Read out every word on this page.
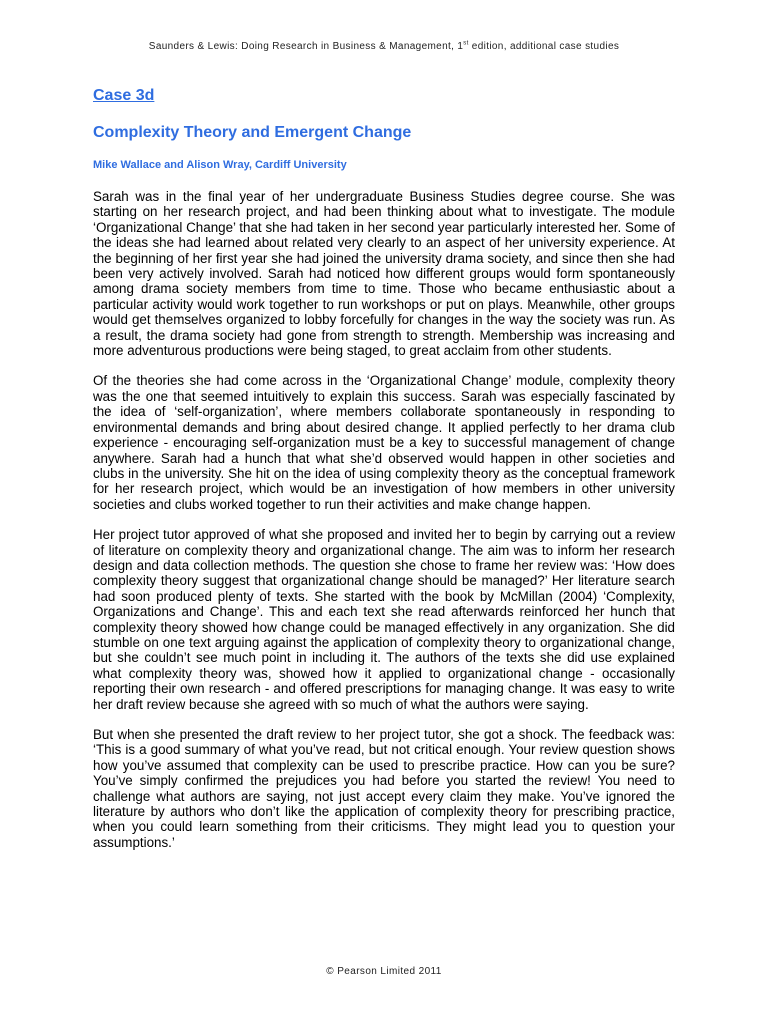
Saunders & Lewis: Doing Research in Business & Management, 1st edition, additional case studies
Case 3d
Complexity Theory and Emergent Change
Mike Wallace and Alison Wray, Cardiff University

Sarah was in the final year of her undergraduate Business Studies degree course. She was starting on her research project, and had been thinking about what to investigate. The module ‘Organizational Change’ that she had taken in her second year particularly interested her. Some of the ideas she had learned about related very clearly to an aspect of her university experience. At the beginning of her first year she had joined the university drama society, and since then she had been very actively involved. Sarah had noticed how different groups would form spontaneously among drama society members from time to time. Those who became enthusiastic about a particular activity would work together to run workshops or put on plays. Meanwhile, other groups would get themselves organized to lobby forcefully for changes in the way the society was run. As a result, the drama society had gone from strength to strength. Membership was increasing and more adventurous productions were being staged, to great acclaim from other students.

Of the theories she had come across in the ‘Organizational Change’ module, complexity theory was the one that seemed intuitively to explain this success. Sarah was especially fascinated by the idea of ‘self-organization’, where members collaborate spontaneously in responding to environmental demands and bring about desired change. It applied perfectly to her drama club experience - encouraging self-organization must be a key to successful management of change anywhere. Sarah had a hunch that what she’d observed would happen in other societies and clubs in the university. She hit on the idea of using complexity theory as the conceptual framework for her research project, which would be an investigation of how members in other university societies and clubs worked together to run their activities and make change happen.

Her project tutor approved of what she proposed and invited her to begin by carrying out a review of literature on complexity theory and organizational change. The aim was to inform her research design and data collection methods. The question she chose to frame her review was: ‘How does complexity theory suggest that organizational change should be managed?’ Her literature search had soon produced plenty of texts. She started with the book by McMillan (2004) ‘Complexity, Organizations and Change’. This and each text she read afterwards reinforced her hunch that complexity theory showed how change could be managed effectively in any organization. She did stumble on one text arguing against the application of complexity theory to organizational change, but she couldn’t see much point in including it. The authors of the texts she did use explained what complexity theory was, showed how it applied to organizational change - occasionally reporting their own research - and offered prescriptions for managing change. It was easy to write her draft review because she agreed with so much of what the authors were saying.

But when she presented the draft review to her project tutor, she got a shock. The feedback was: ‘This is a good summary of what you’ve read, but not critical enough. Your review question shows how you’ve assumed that complexity can be used to prescribe practice. How can you be sure? You’ve simply confirmed the prejudices you had before you started the review! You need to challenge what authors are saying, not just accept every claim they make. You’ve ignored the literature by authors who don’t like the application of complexity theory for prescribing practice, when you could learn something from their criticisms. They might lead you to question your assumptions.’

© Pearson Limited 2011
